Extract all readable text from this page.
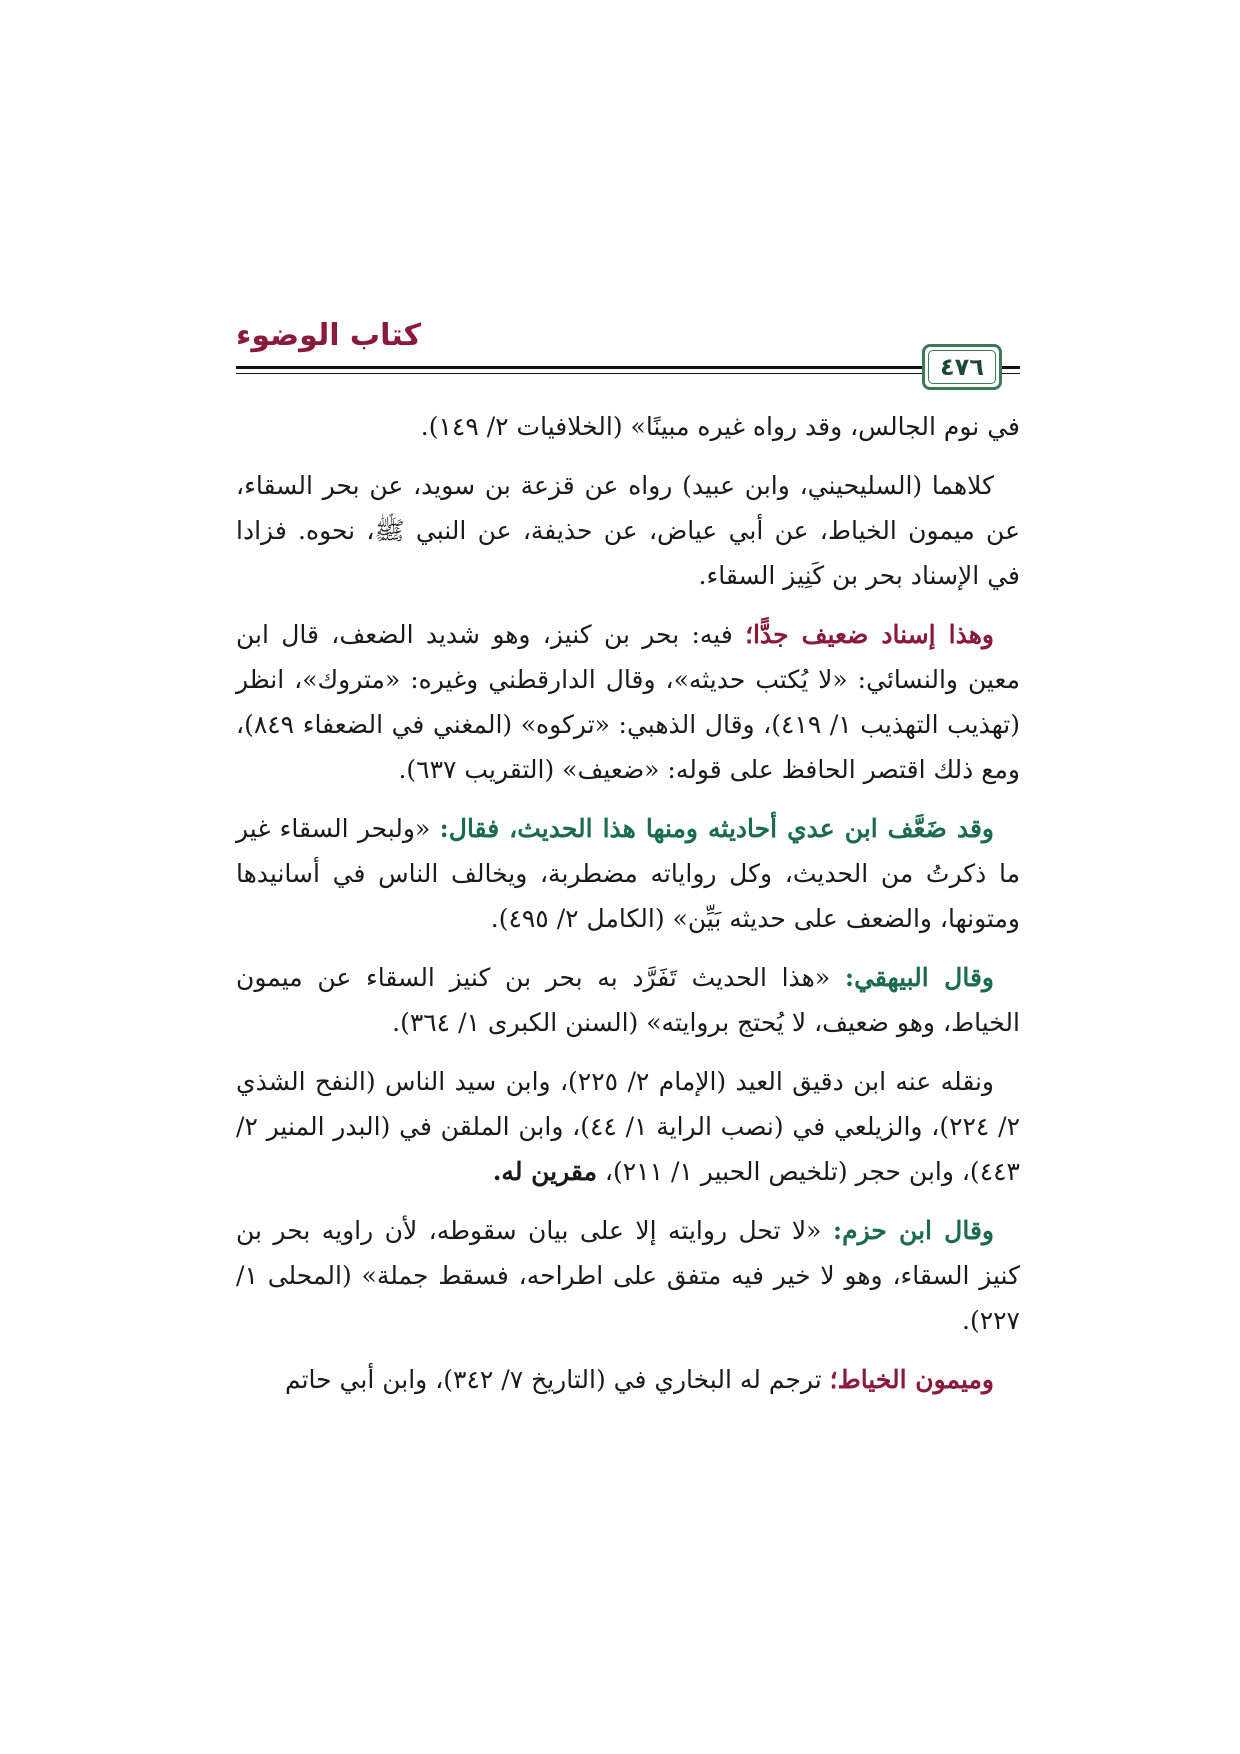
كتاب الوضوء
٤٧٦

في نوم الجالس، وقد رواه غيره مبينًا» (الخلافيات ٢/ ١٤٩).

كلاهما (السليحيني، وابن عبيد) رواه عن قزعة بن سويد، عن بحر السقاء، عن ميمون الخياط، عن أبي عياض، عن حذيفة، عن النبي ﷺ، نحوه. فزادا في الإسناد بحر بن كَنِيز السقاء.

وهذا إسناد ضعيف جدًّا؛ فيه: بحر بن كنيز، وهو شديد الضعف، قال ابن معين والنسائي: «لا يُكتب حديثه»، وقال الدارقطني وغيره: «متروك»، انظر (تهذيب التهذيب ١/ ٤١٩)، وقال الذهبي: «تركوه» (المغني في الضعفاء ٨٤٩)، ومع ذلك اقتصر الحافظ على قوله: «ضعيف» (التقريب ٦٣٧).

وقد ضَعَّف ابن عدي أحاديثه ومنها هذا الحديث، فقال: «ولبحر السقاء غير ما ذكرتُ من الحديث، وكل رواياته مضطربة، ويخالف الناس في أسانيدها ومتونها، والضعف على حديثه بَيِّن» (الكامل ٢/ ٤٩٥).

وقال البيهقي: «هذا الحديث تَفَرَّد به بحر بن كنيز السقاء عن ميمون الخياط، وهو ضعيف، لا يُحتج بروايته» (السنن الكبرى ١/ ٣٦٤).

ونقله عنه ابن دقيق العيد (الإمام ٢/ ٢٢٥)، وابن سيد الناس (النفح الشذي ٢/ ٢٢٤)، والزيلعي في (نصب الراية ١/ ٤٤)، وابن الملقن في (البدر المنير ٢/ ٤٤٣)، وابن حجر (تلخيص الحبير ١/ ٢١١)، مقرين له.

وقال ابن حزم: «لا تحل روايته إلا على بيان سقوطه، لأن راويه بحر بن كنيز السقاء، وهو لا خير فيه متفق على اطراحه، فسقط جملة» (المحلى ١/ ٢٢٧).

وميمون الخياط؛ ترجم له البخاري في (التاريخ ٧/ ٣٤٢)، وابن أبي حاتم
